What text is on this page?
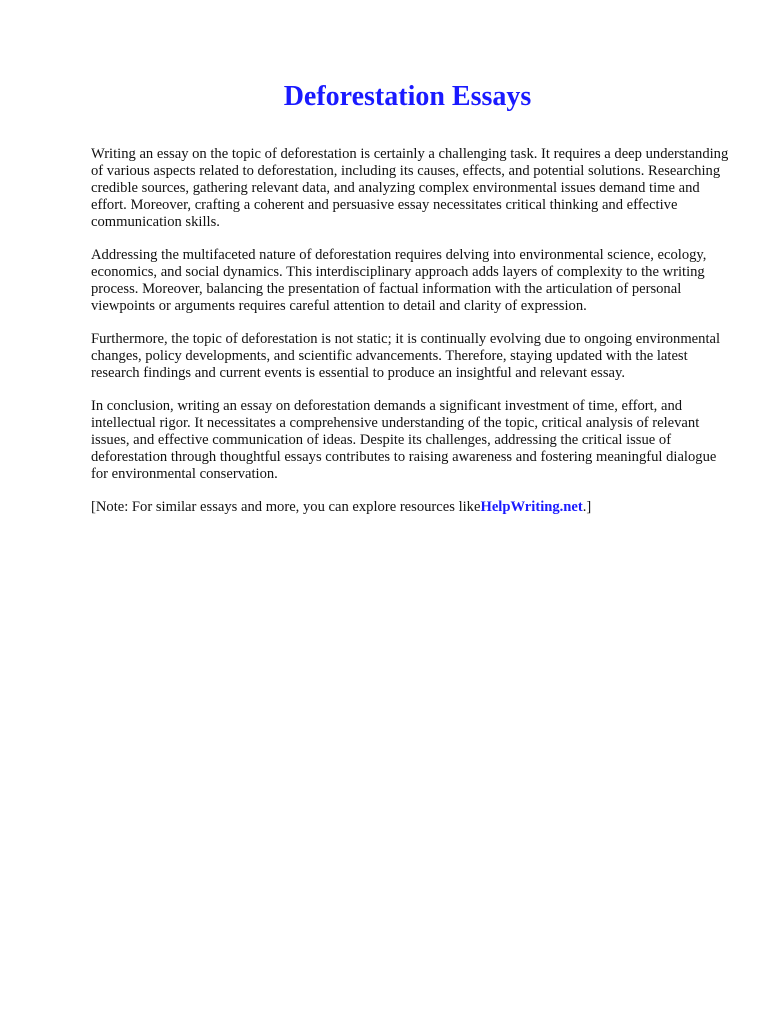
Deforestation Essays

Writing an essay on the topic of deforestation is certainly a challenging task. It requires a deep understanding of various aspects related to deforestation, including its causes, effects, and potential solutions. Researching credible sources, gathering relevant data, and analyzing complex environmental issues demand time and effort. Moreover, crafting a coherent and persuasive essay necessitates critical thinking and effective communication skills.

Addressing the multifaceted nature of deforestation requires delving into environmental science, ecology, economics, and social dynamics. This interdisciplinary approach adds layers of complexity to the writing process. Moreover, balancing the presentation of factual information with the articulation of personal viewpoints or arguments requires careful attention to detail and clarity of expression.

Furthermore, the topic of deforestation is not static; it is continually evolving due to ongoing environmental changes, policy developments, and scientific advancements. Therefore, staying updated with the latest research findings and current events is essential to produce an insightful and relevant essay.

In conclusion, writing an essay on deforestation demands a significant investment of time, effort, and intellectual rigor. It necessitates a comprehensive understanding of the topic, critical analysis of relevant issues, and effective communication of ideas. Despite its challenges, addressing the critical issue of deforestation through thoughtful essays contributes to raising awareness and fostering meaningful dialogue for environmental conservation.

[Note: For similar essays and more, you can explore resources likeHelpWriting.net.]
